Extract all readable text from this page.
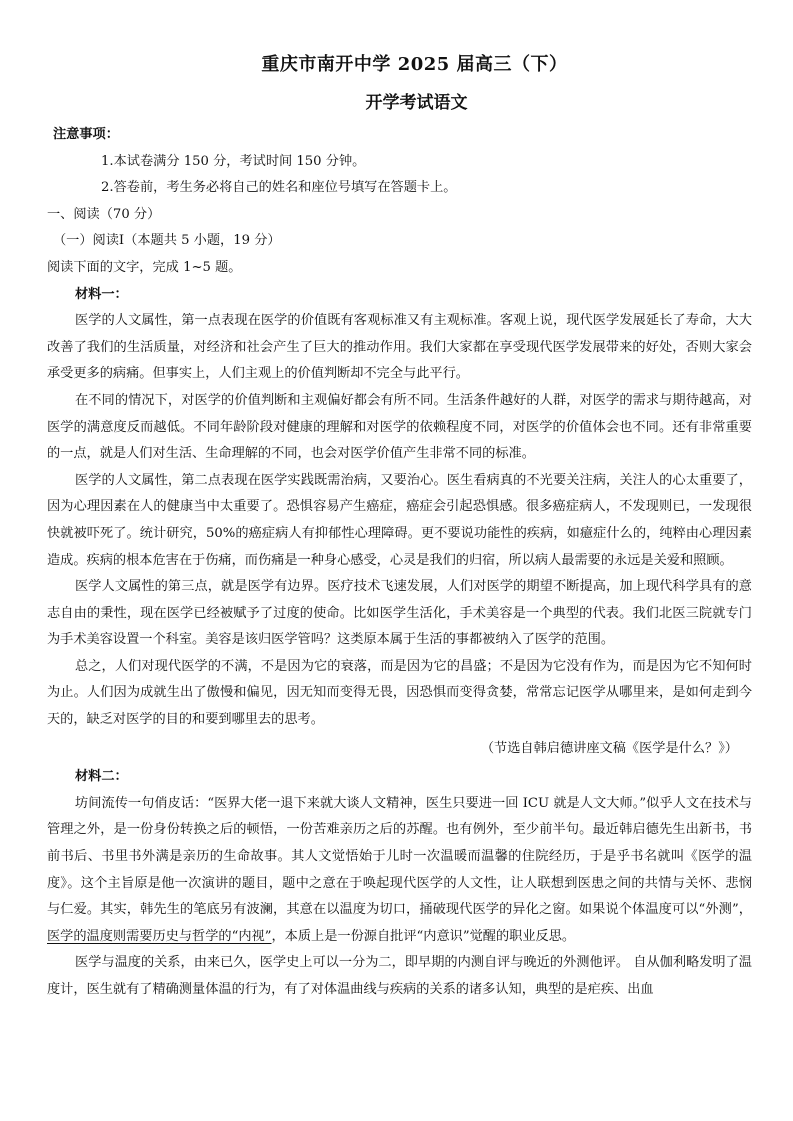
重庆市南开中学 2025 届高三（下）
开学考试语文

注意事项：

1.本试卷满分 150 分，考试时间 150 分钟。

2.答卷前，考生务必将自己的姓名和座位号填写在答题卡上。

一、阅读（70 分）

（一）阅读Ⅰ（本题共 5 小题，19 分）

阅读下面的文字，完成 1~5 题。

材料一：

医学的人文属性，第一点表现在医学的价值既有客观标准又有主观标准。客观上说，现代医学发展延长了寿命，大大改善了我们的生活质量，对经济和社会产生了巨大的推动作用。我们大家都在享受现代医学发展带来的好处，否则大家会承受更多的病痛。但事实上，人们主观上的价值判断却不完全与此平行。

在不同的情况下，对医学的价值判断和主观偏好都会有所不同。生活条件越好的人群，对医学的需求与期待越高，对医学的满意度反而越低。不同年龄阶段对健康的理解和对医学的依赖程度不同，对医学的价值体会也不同。还有非常重要的一点，就是人们对生活、生命理解的不同，也会对医学价值产生非常不同的标准。

医学的人文属性，第二点表现在医学实践既需治病，又要治心。医生看病真的不光要关注病，关注人的心太重要了，因为心理因素在人的健康当中太重要了。恐惧容易产生癌症，癌症会引起恐惧感。很多癌症病人，不发现则已，一发现很快就被吓死了。统计研究，50%的癌症病人有抑郁性心理障碍。更不要说功能性的疾病，如癔症什么的，纯粹由心理因素造成。疾病的根本危害在于伤痛，而伤痛是一种身心感受，心灵是我们的归宿，所以病人最需要的永远是关爱和照顾。

医学人文属性的第三点，就是医学有边界。医疗技术飞速发展，人们对医学的期望不断提高，加上现代科学具有的意志自由的秉性，现在医学已经被赋予了过度的使命。比如医学生活化，手术美容是一个典型的代表。我们北医三院就专门为手术美容设置一个科室。美容是该归医学管吗？这类原本属于生活的事都被纳入了医学的范围。

总之，人们对现代医学的不满，不是因为它的衰落，而是因为它的昌盛；不是因为它没有作为，而是因为它不知何时为止。人们因为成就生出了傲慢和偏见，因无知而变得无畏，因恐惧而变得贪婪，常常忘记医学从哪里来，是如何走到今天的，缺乏对医学的目的和要到哪里去的思考。

（节选自韩启德讲座文稿《医学是什么？》）

材料二：

坊间流传一句俏皮话：“医界大佬一退下来就大谈人文精神，医生只要进一回 ICU 就是人文大师。”似乎人文在技术与管理之外，是一份身份转换之后的顿悟，一份苦难亲历之后的苏醒。也有例外，至少前半句。最近韩启德先生出新书，书前书后、书里书外满是亲历的生命故事。其人文觉悟始于儿时一次温暖而温馨的住院经历，于是乎书名就叫《医学的温度》。这个主旨原是他一次演讲的题目，题中之意在于唤起现代医学的人文性，让人联想到医患之间的共情与关怀、悲悯与仁爱。其实，韩先生的笔底另有波澜，其意在以温度为切口，捅破现代医学的异化之窗。如果说个体温度可以“外测”，医学的温度则需要历史与哲学的“内视”，本质上是一份源自批评“内意识”觉醒的职业反思。

医学与温度的关系，由来已久，医学史上可以一分为二，即早期的内测自评与晚近的外测他评。 自从伽利略发明了温度计，医生就有了精确测量体温的行为，有了对体温曲线与疾病的关系的诸多认知，典型的是疟疾、出血
